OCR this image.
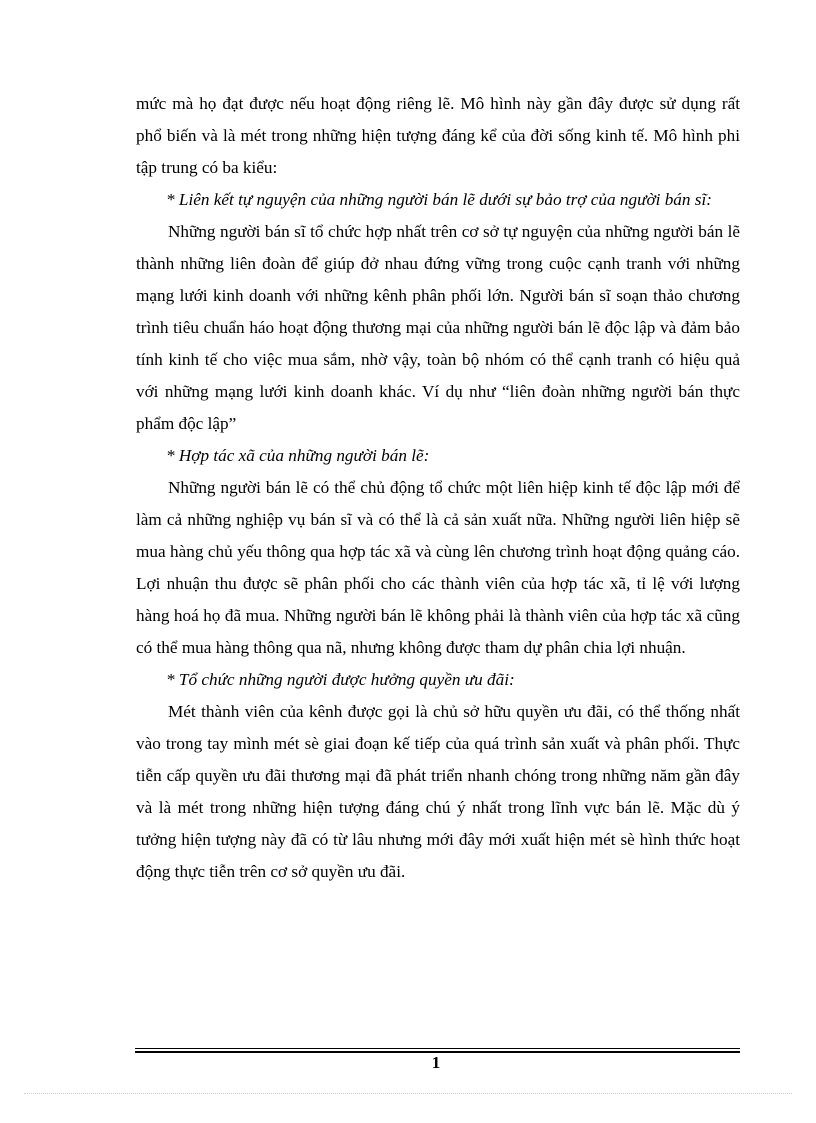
mức mà họ đạt được nếu hoạt động riêng lẽ. Mô hình này gần đây được sử dụng rất phổ biến và là mét trong những hiện tượng đáng kể của đời sống kinh tế. Mô hình phi tập trung có ba kiểu:

* Liên kết tự nguyện của những người bán lẽ dưới sự bảo trợ của người bán sĩ:

Những người bán sĩ tổ chức hợp nhất trên cơ sở tự nguyện của những người bán lẽ thành những liên đoàn để giúp đở nhau đứng vững trong cuộc cạnh tranh với những mạng lưới kinh doanh với những kênh phân phối lớn. Người bán sĩ soạn thảo chương trình tiêu chuẩn háo hoạt động thương mại của những người bán lẽ độc lập và đảm bảo tính kinh tế cho việc mua sắm, nhờ vậy, toàn bộ nhóm có thể cạnh tranh có hiệu quả với những mạng lưới kinh doanh khác. Ví dụ như “liên đoàn những người bán thực phẩm độc lập”

* Hợp tác xã của những người bán lẽ:

Những người bán lẽ có thể chủ động tổ chức một liên hiệp kinh tế độc lập mới để làm cả những nghiệp vụ bán sĩ và có thể là cả sản xuất nữa. Những người liên hiệp sẽ mua hàng chủ yếu thông qua hợp tác xã và cùng lên chương trình hoạt động quảng cáo. Lợi nhuận thu được sẽ phân phối cho các thành viên của hợp tác xã, tỉ lệ với lượng hàng hoá họ đã mua. Những người bán lẽ không phải là thành viên của hợp tác xã cũng có thể mua hàng thông qua nã, nhưng không được tham dự phân chia lợi nhuận.

* Tổ chức những người được hưởng quyền ưu đãi:

Mét thành viên của kênh được gọi là chủ sở hữu quyền ưu đãi, có thể thống nhất vào trong tay mình mét sè giai đoạn kế tiếp của quá trình sản xuất và phân phối. Thực tiễn cấp quyền ưu đãi thương mại đã phát triển nhanh chóng trong những năm gần đây và là mét trong những hiện tượng đáng chú ý nhất trong lĩnh vực bán lẽ. Mặc dù ý tưởng hiện tượng này đã có từ lâu nhưng mới đây mới xuất hiện mét sè hình thức hoạt động thực tiễn trên cơ sở quyền ưu đãi.

1
